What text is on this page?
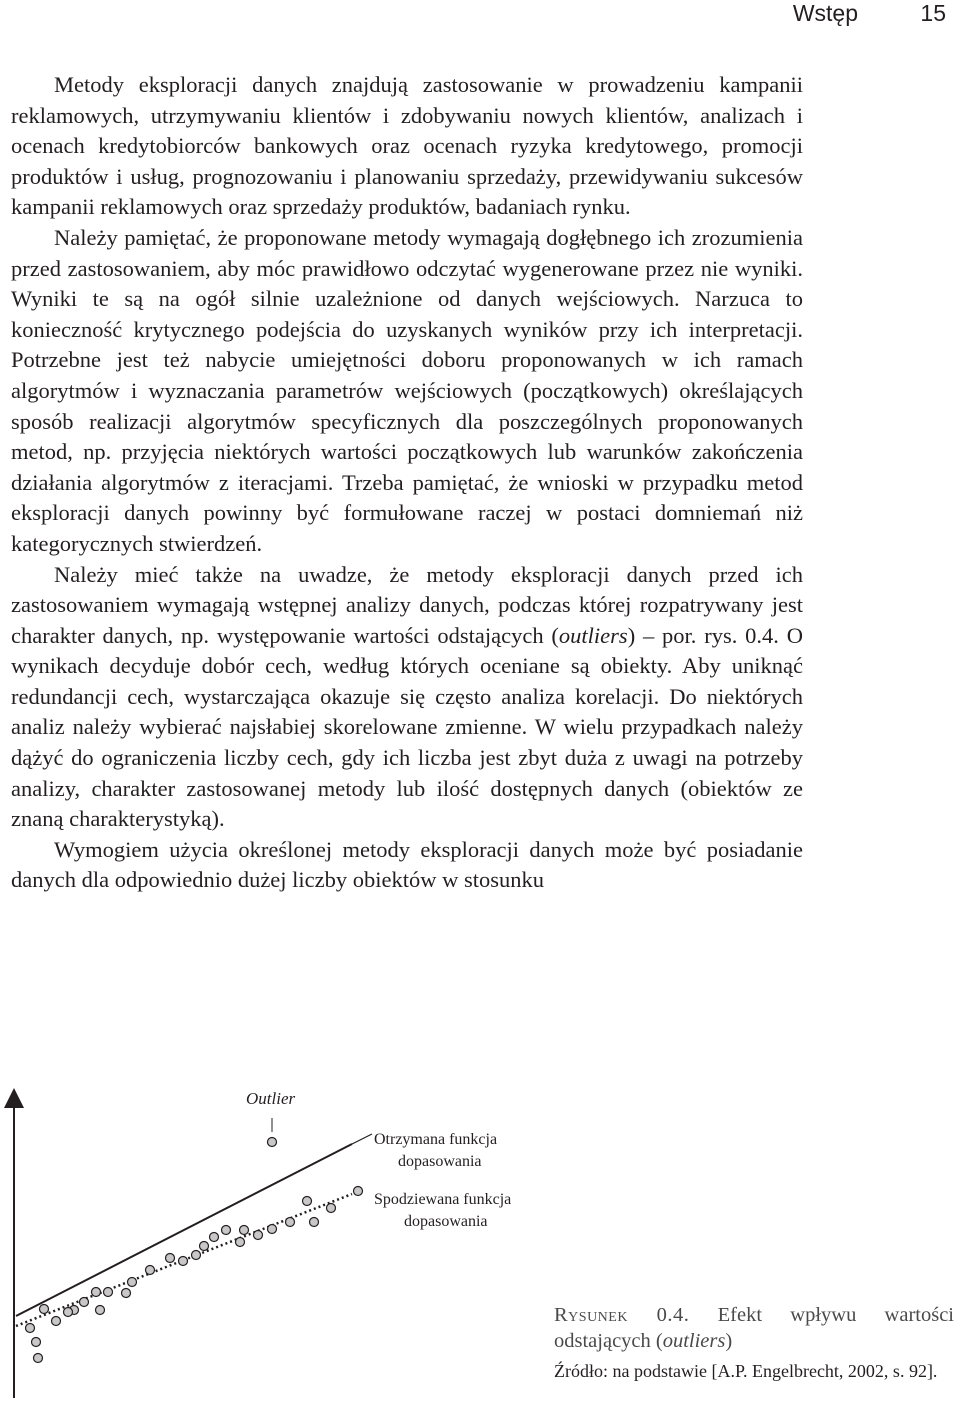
Wstęp	15

Metody eksploracji danych znajdują zastosowanie w prowadzeniu kampanii reklamowych, utrzymywaniu klientów i zdobywaniu nowych klientów, analizach i ocenach kredytobiorców bankowych oraz ocenach ryzyka kredytowego, promocji produktów i usług, prognozowaniu i planowaniu sprzedaży, przewidywaniu sukcesów kampanii reklamowych oraz sprzedaży produktów, badaniach rynku.

Należy pamiętać, że proponowane metody wymagają dogłębnego ich zrozumienia przed zastosowaniem, aby móc prawidłowo odczytać wygenerowane przez nie wyniki. Wyniki te są na ogół silnie uzależnione od danych wejściowych. Narzuca to konieczność krytycznego podejścia do uzyskanych wyników przy ich interpretacji. Potrzebne jest też nabycie umiejętności doboru proponowanych w ich ramach algorytmów i wyznaczania parametrów wejściowych (początkowych) określających sposób realizacji algorytmów specyficznych dla poszczególnych proponowanych metod, np. przyjęcia niektórych wartości początkowych lub warunków zakończenia działania algorytmów z iteracjami. Trzeba pamiętać, że wnioski w przypadku metod eksploracji danych powinny być formułowane raczej w postaci domniemań niż kategorycznych stwierdzeń.

Należy mieć także na uwadze, że metody eksploracji danych przed ich zastosowaniem wymagają wstępnej analizy danych, podczas której rozpatrywany jest charakter danych, np. występowanie wartości odstających (outliers) – por. rys. 0.4. O wynikach decyduje dobór cech, według których oceniane są obiekty. Aby uniknąć redundancji cech, wystarczająca okazuje się często analiza korelacji. Do niektórych analiz należy wybierać najsłabiej skorelowane zmienne. W wielu przypadkach należy dążyć do ograniczenia liczby cech, gdy ich liczba jest zbyt duża z uwagi na potrzeby analizy, charakter zastosowanej metody lub ilość dostępnych danych (obiektów ze znaną charakterystyką).

Wymogiem użycia określonej metody eksploracji danych może być posiadanie danych dla odpowiednio dużej liczby obiektów w stosunku

Outlier
Otrzymana funkcja
dopasowania
Spodziewana funkcja
dopasowania
Rysunek 0.4. Efekt wpływu wartości odstających (outliers)
Źródło: na podstawie [A.P. Engelbrecht, 2002, s. 92].
